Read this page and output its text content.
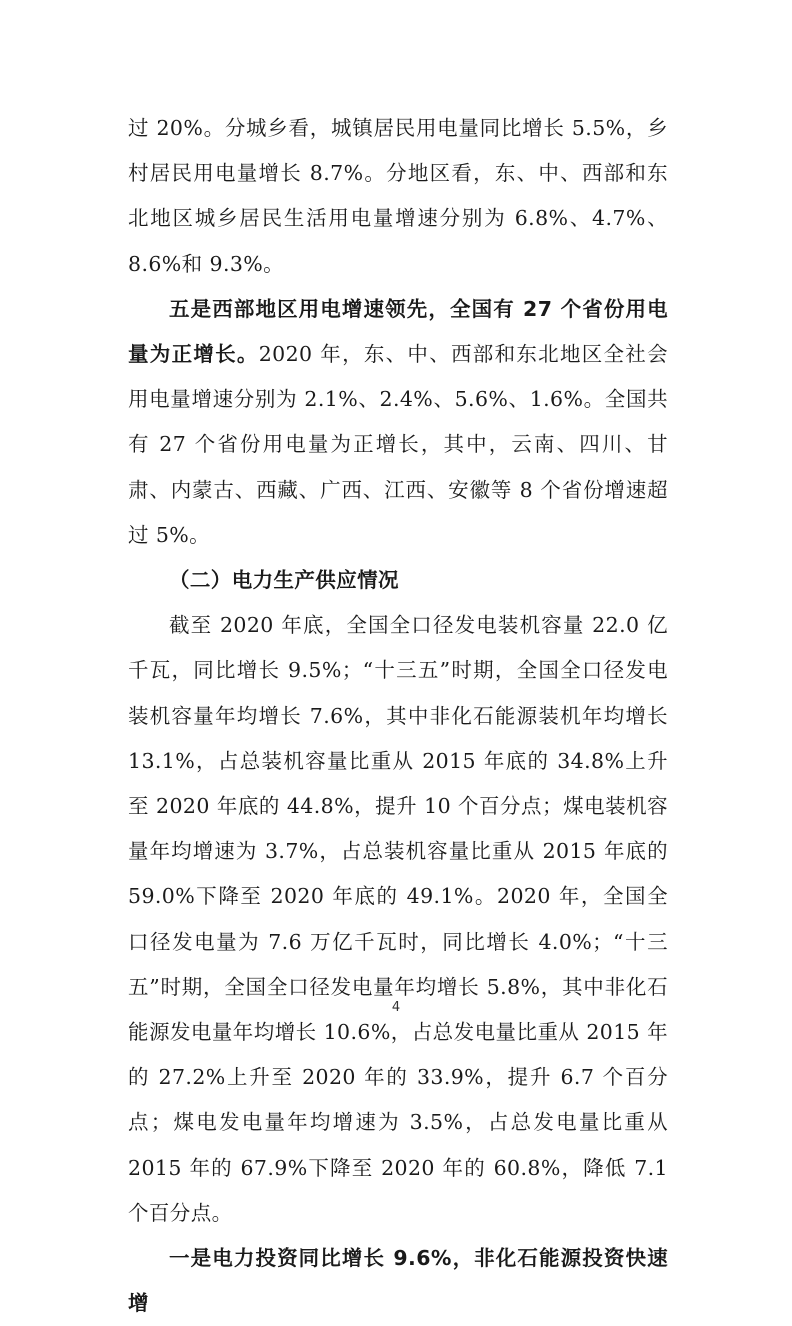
过 20%。分城乡看，城镇居民用电量同比增长 5.5%，乡村居民用电量增长 8.7%。分地区看，东、中、西部和东北地区城乡居民生活用电量增速分别为 6.8%、4.7%、8.6%和 9.3%。

五是西部地区用电增速领先，全国有 27 个省份用电量为正增长。2020 年，东、中、西部和东北地区全社会用电量增速分别为 2.1%、2.4%、5.6%、1.6%。全国共有 27 个省份用电量为正增长，其中，云南、四川、甘肃、内蒙古、西藏、广西、江西、安徽等 8 个省份增速超过 5%。

（二）电力生产供应情况

截至 2020 年底，全国全口径发电装机容量 22.0 亿千瓦，同比增长 9.5%；“十三五”时期，全国全口径发电装机容量年均增长 7.6%，其中非化石能源装机年均增长 13.1%，占总装机容量比重从 2015 年底的 34.8%上升至 2020 年底的 44.8%，提升 10 个百分点；煤电装机容量年均增速为 3.7%，占总装机容量比重从 2015 年底的 59.0%下降至 2020 年底的 49.1%。2020 年，全国全口径发电量为 7.6 万亿千瓦时，同比增长 4.0%；“十三五”时期，全国全口径发电量年均增长 5.8%，其中非化石能源发电量年均增长 10.6%，占总发电量比重从 2015 年的 27.2%上升至 2020 年的 33.9%，提升 6.7 个百分点；煤电发电量年均增速为 3.5%，占总发电量比重从 2015 年的 67.9%下降至 2020 年的 60.8%，降低 7.1 个百分点。

一是电力投资同比增长 9.6%，非化石能源投资快速增

4
